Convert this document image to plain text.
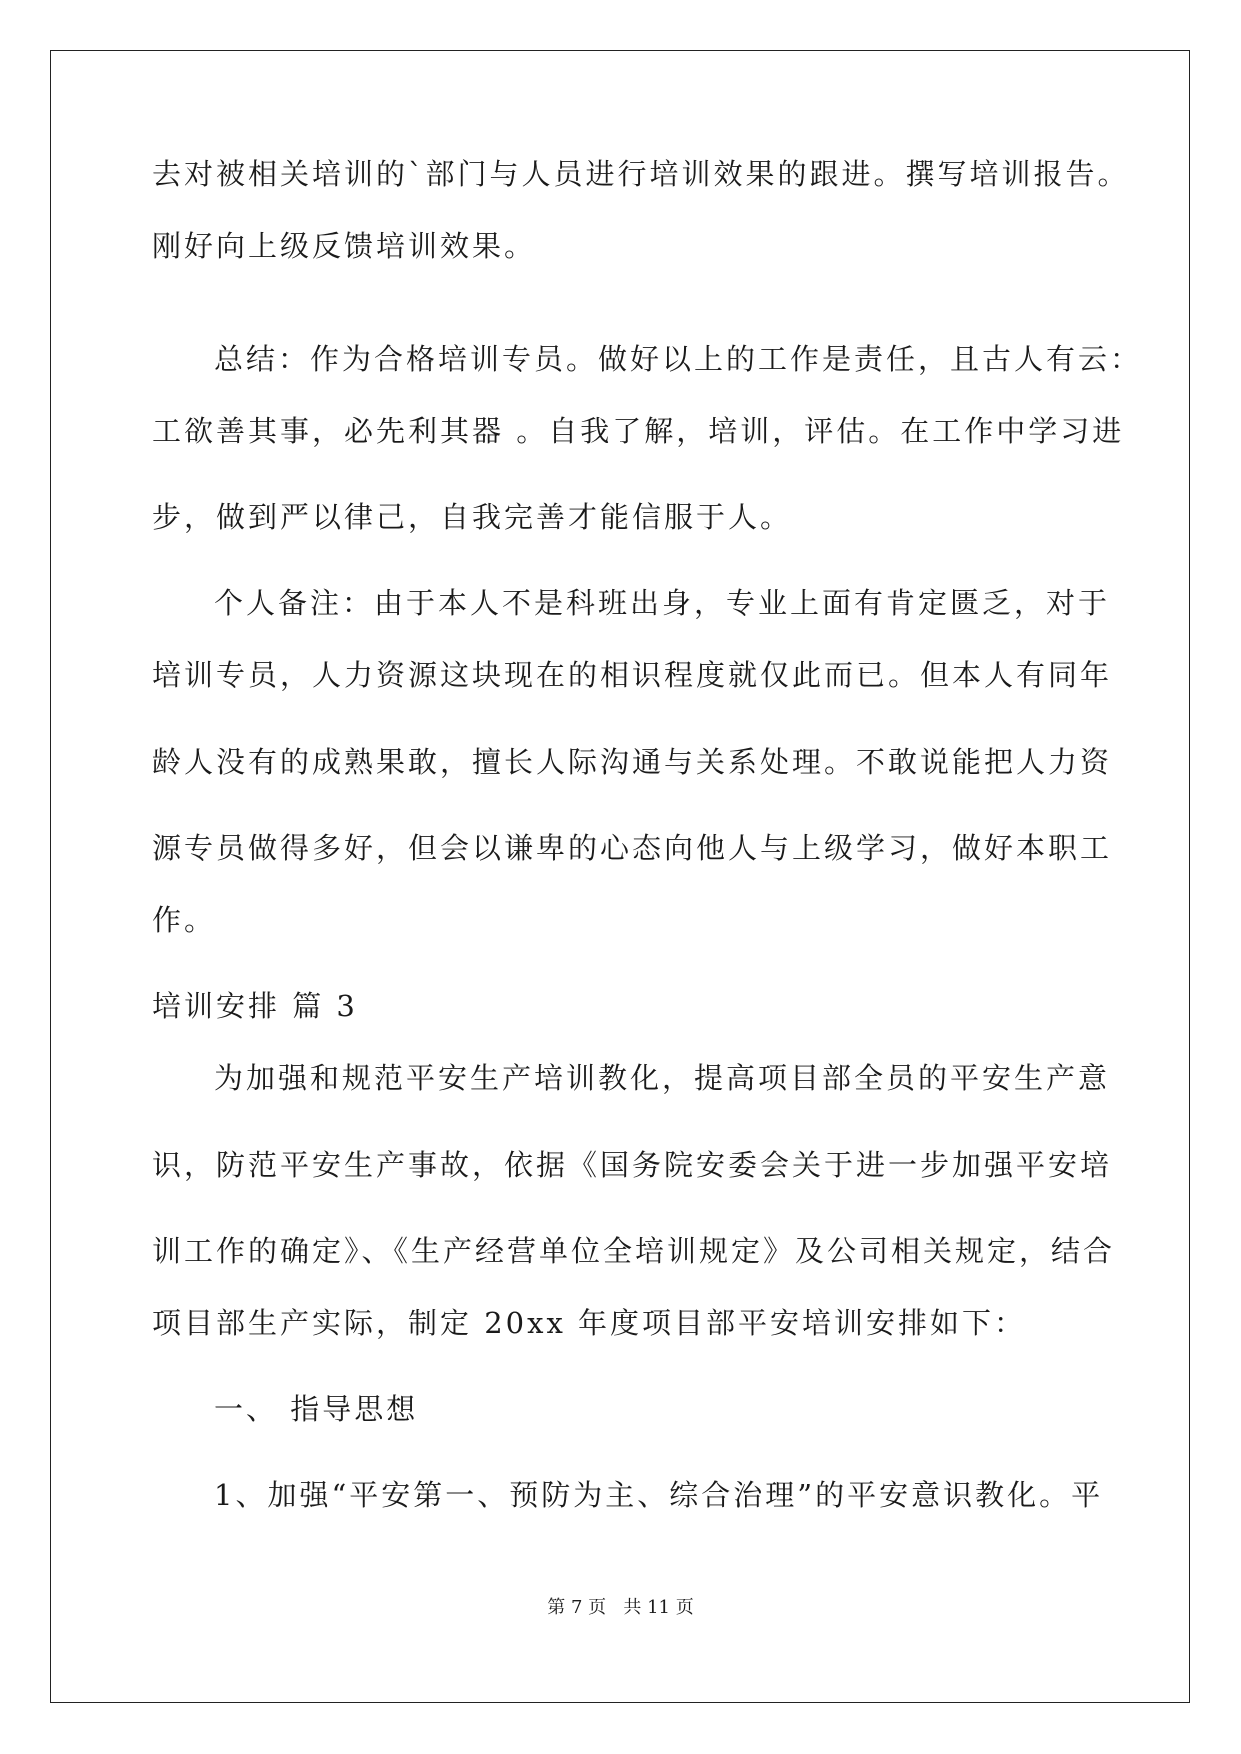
去对被相关培训的`部门与人员进行培训效果的跟进。撰写培训报告。
刚好向上级反馈培训效果。
总结：作为合格培训专员。做好以上的工作是责任，且古人有云：
工欲善其事，必先利其器 。自我了解，培训，评估。在工作中学习进
步，做到严以律己，自我完善才能信服于人。
个人备注：由于本人不是科班出身，专业上面有肯定匮乏，对于
培训专员，人力资源这块现在的相识程度就仅此而已。但本人有同年
龄人没有的成熟果敢，擅长人际沟通与关系处理。不敢说能把人力资
源专员做得多好，但会以谦卑的心态向他人与上级学习，做好本职工
作。
培训安排 篇 3
为加强和规范平安生产培训教化，提高项目部全员的平安生产意
识，防范平安生产事故，依据《国务院安委会关于进一步加强平安培
训工作的确定》、《生产经营单位全培训规定》及公司相关规定，结合
项目部生产实际，制定 20xx 年度项目部平安培训安排如下：
一、 指导思想
1、加强“平安第一、预防为主、综合治理”的平安意识教化。平
第 7 页   共 11 页
